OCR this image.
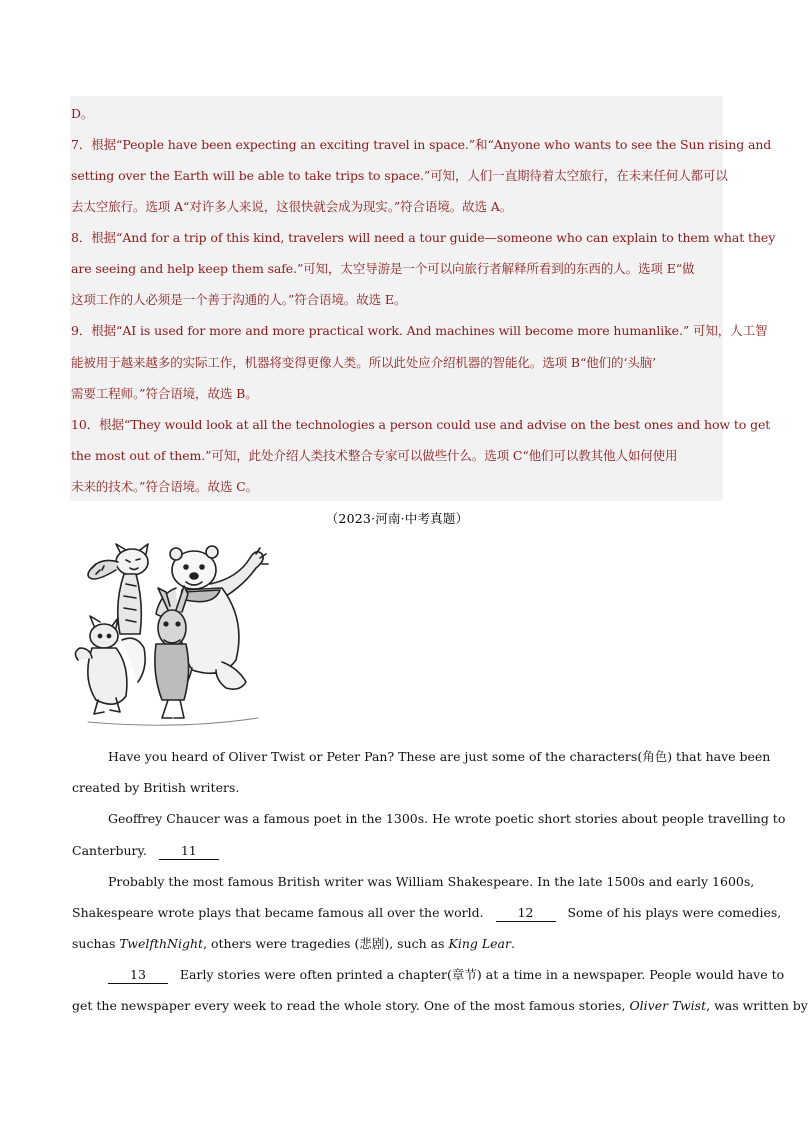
D。
7．根据“People have been expecting an exciting travel in space.”和“Anyone who wants to see the Sun rising and
setting over the Earth will be able to take trips to space.”可知，人们一直期待着太空旅行，在未来任何人都可以
去太空旅行。选项 A“对许多人来说，这很快就会成为现实。”符合语境。故选 A。
8．根据“And for a trip of this kind, travelers will need a tour guide—someone who can explain to them what they
are seeing and help keep them safe.”可知，太空导游是一个可以向旅行者解释所看到的东西的人。选项 E“做
这项工作的人必须是一个善于沟通的人。”符合语境。故选 E。
9．根据“AI is used for more and more practical work. And machines will become more humanlike.” 可知，人工智
能被用于越来越多的实际工作，机器将变得更像人类。所以此处应介绍机器的智能化。选项 B“他们的‘头脑’
需要工程师。”符合语境，故选 B。
10．根据“They would look at all the technologies a person could use and advise on the best ones and how to get
the most out of them.”可知，此处介绍人类技术整合专家可以做些什么。选项 C“他们可以教其他人如何使用
未来的技术。”符合语境。故选 C。
（2023·河南·中考真题）
Have you heard of Oliver Twist or Peter Pan? These are just some of the characters(角色) that have been
created by British writers.
Geoffrey Chaucer was a famous poet in the 1300s. He wrote poetic short stories about people travelling to
Canterbury.	11
Probably the most famous British writer was William Shakespeare. In the late 1500s and early 1600s,
Shakespeare wrote plays that became famous all over the world.	12	Some of his plays were comedies,
suchas TwelfthNight, others were tragedies (悲剧), such as King Lear.
13	Early stories were often printed a chapter(章节) at a time in a newspaper. People would have to
get the newspaper every week to read the whole story. One of the most famous stories, Oliver Twist, was written by
